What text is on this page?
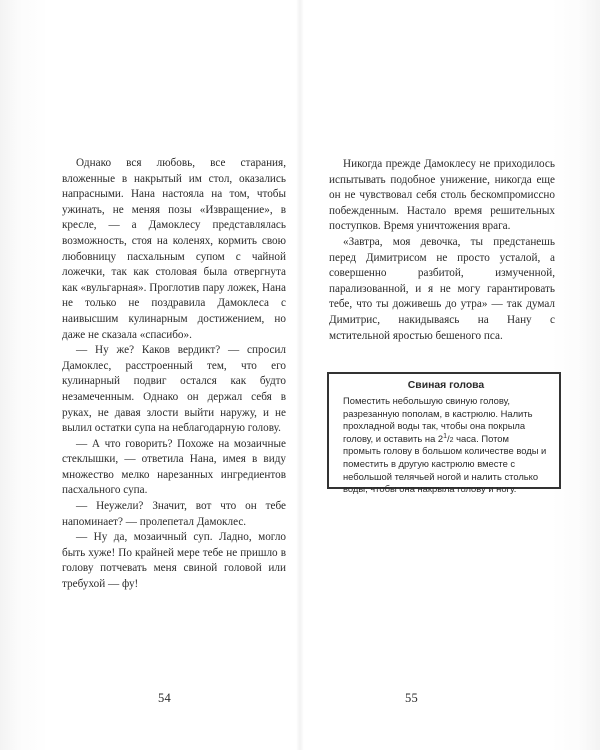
Однако вся любовь, все старания, вложенные в накрытый им стол, оказались напрасными. Нана настояла на том, чтобы ужинать, не меняя позы «Извращение», в кресле, — а Дамоклесу представлялась возможность, стоя на коленях, кормить свою любовницу пасхальным супом с чайной ложечки, так как столовая была отвергнута как «вульгарная». Проглотив пару ложек, Нана не только не поздравила Дамоклеса с наивысшим кулинарным достижением, но даже не сказала «спасибо».

— Ну же? Каков вердикт? — спросил Дамоклес, расстроенный тем, что его кулинарный подвиг остался как будто незамеченным. Однако он держал себя в руках, не давая злости выйти наружу, и не вылил остатки супа на неблагодарную голову.

— А что говорить? Похоже на мозаичные стеклышки, — ответила Нана, имея в виду множество мелко нарезанных ингредиентов пасхального супа.

— Неужели? Значит, вот что он тебе напоминает? — пролепетал Дамоклес.

— Ну да, мозаичный суп. Ладно, могло быть хуже! По крайней мере тебе не пришло в голову потчевать меня свиной головой или требухой — фу!

54

Никогда прежде Дамоклесу не приходилось испытывать подобное унижение, никогда еще он не чувствовал себя столь бескомпромиссно побежденным. Настало время решительных поступков. Время уничтожения врага.

«Завтра, моя девочка, ты предстанешь перед Димитрисом не просто усталой, а совершенно разбитой, измученной, парализованной, и я не могу гарантировать тебе, что ты доживешь до утра» — так думал Димитрис, накидываясь на Нану с мстительной яростью бешеного пса.

Свиная голова

Поместить небольшую свиную голову, разрезанную пополам, в кастрюлю. Налить прохладной воды так, чтобы она покрыла голову, и оставить на $2^1/2$ часа. Потом промыть голову в большом количестве воды и поместить в другую кастрюлю вместе с небольшой телячьей ногой и налить столько воды, чтобы она накрыла голову и ногу.

55
